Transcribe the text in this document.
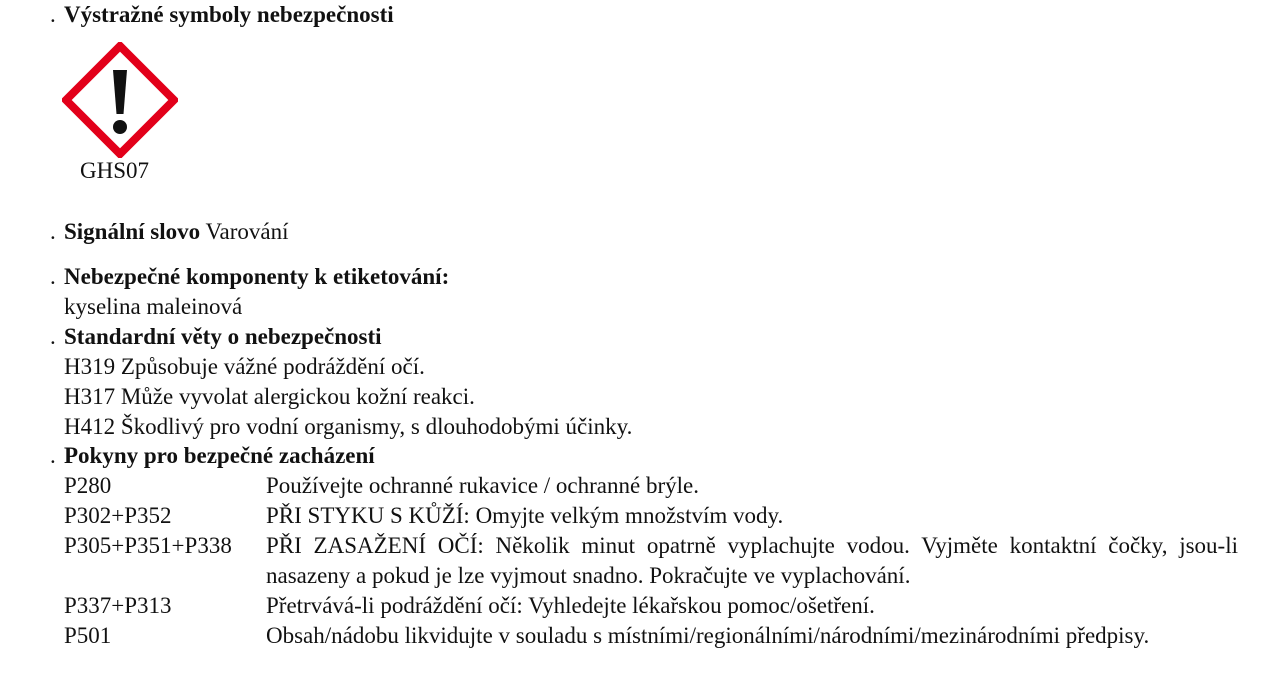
. Výstražné symboly nebezpečnosti
GHS07
. Signální slovo Varování
. Nebezpečné komponenty k etiketování:
kyselina maleinová
. Standardní věty o nebezpečnosti
H319 Způsobuje vážné podráždění očí.
H317 Může vyvolat alergickou kožní reakci.
H412 Škodlivý pro vodní organismy, s dlouhodobými účinky.
. Pokyny pro bezpečné zacházení
P280	Používejte ochranné rukavice / ochranné brýle.
P302+P352	PŘI STYKU S KŮŽÍ: Omyjte velkým množstvím vody.
P305+P351+P338 PŘI ZASAŽENÍ OČÍ: Několik minut opatrně vyplachujte vodou. Vyjměte kontaktní čočky, jsou-li nasazeny a pokud je lze vyjmout snadno. Pokračujte ve vyplachování.
P337+P313	Přetrvává-li podráždění očí: Vyhledejte lékařskou pomoc/ošetření.
P501	Obsah/nádobu likvidujte v souladu s místními/regionálními/národními/mezinárodními předpisy.
